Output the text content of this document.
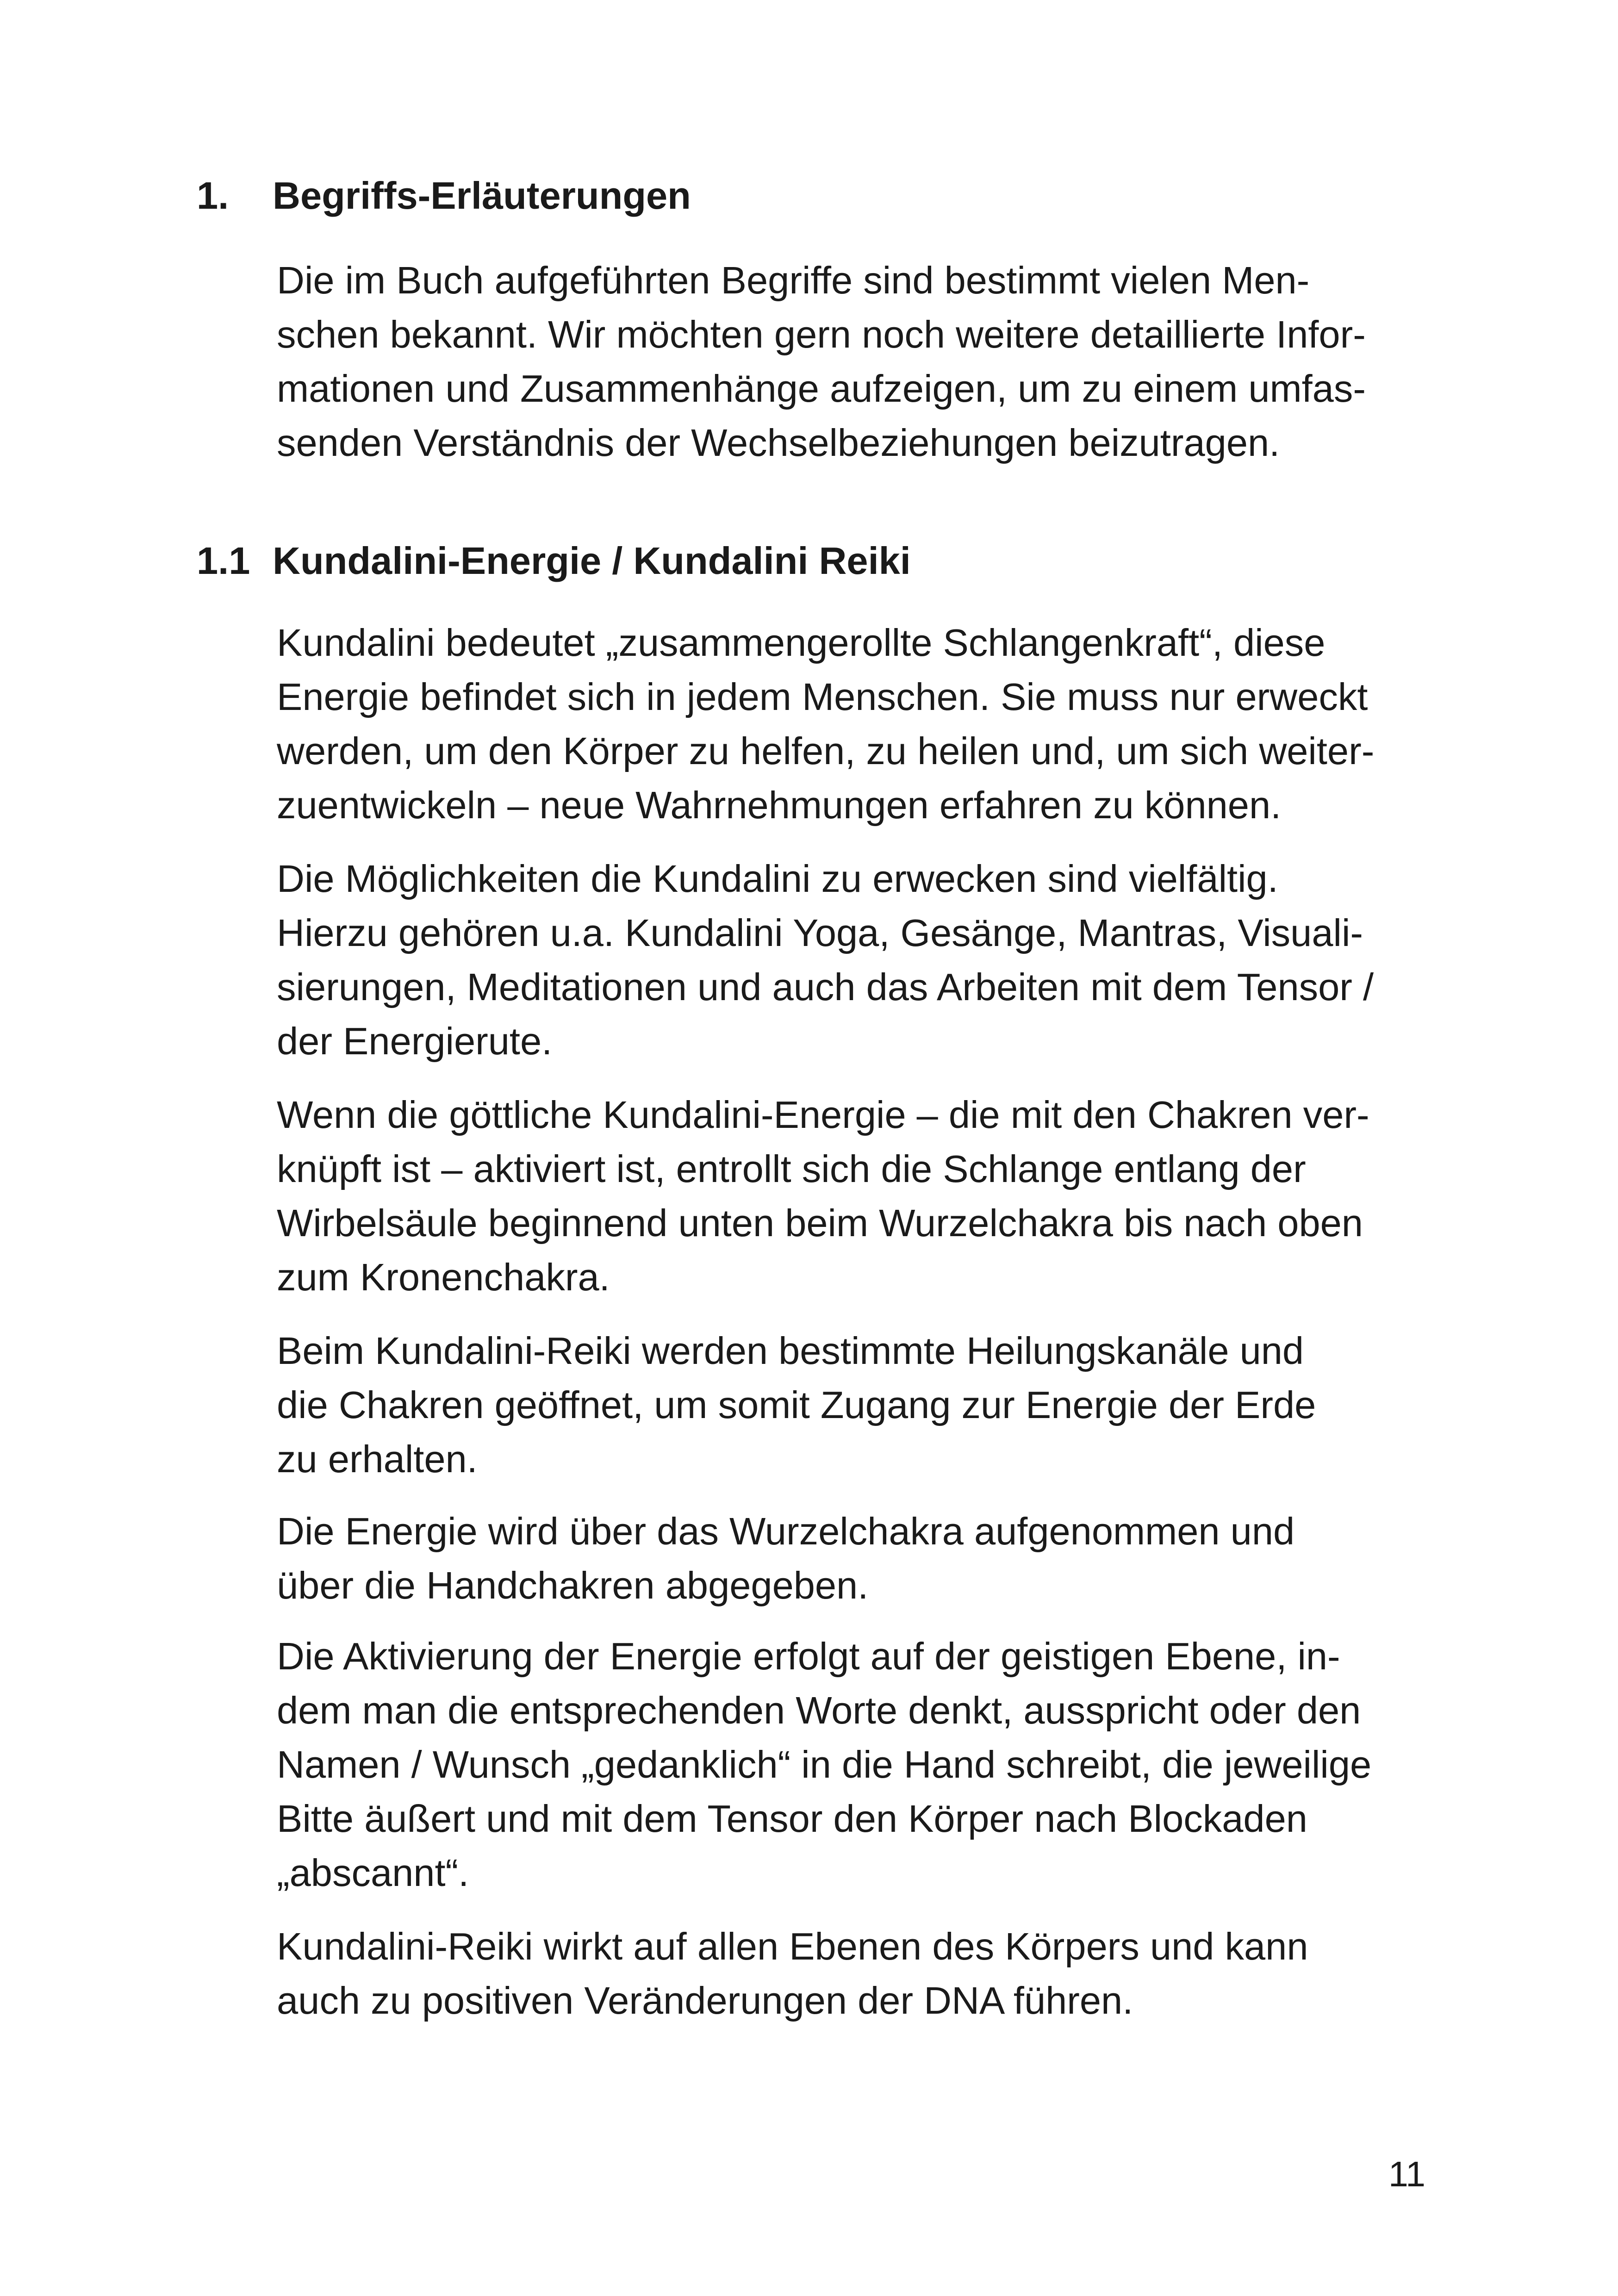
1. Begriffs-Erläuterungen

Die im Buch aufgeführten Begriffe sind bestimmt vielen Men-
schen bekannt. Wir möchten gern noch weitere detaillierte Infor-
mationen und Zusammenhänge aufzeigen, um zu einem umfas-
senden Verständnis der Wechselbeziehungen beizutragen.

1.1 Kundalini-Energie / Kundalini Reiki

Kundalini bedeutet „zusammengerollte Schlangenkraft“, diese
Energie befindet sich in jedem Menschen. Sie muss nur erweckt
werden, um den Körper zu helfen, zu heilen und, um sich weiter-
zuentwickeln – neue Wahrnehmungen erfahren zu können.

Die Möglichkeiten die Kundalini zu erwecken sind vielfältig.
Hierzu gehören u.a. Kundalini Yoga, Gesänge, Mantras, Visuali-
sierungen, Meditationen und auch das Arbeiten mit dem Tensor /
der Energierute.

Wenn die göttliche Kundalini-Energie – die mit den Chakren ver-
knüpft ist – aktiviert ist, entrollt sich die Schlange entlang der
Wirbelsäule beginnend unten beim Wurzelchakra bis nach oben
zum Kronenchakra.

Beim Kundalini-Reiki werden bestimmte Heilungskanäle und
die Chakren geöffnet, um somit Zugang zur Energie der Erde
zu erhalten.

Die Energie wird über das Wurzelchakra aufgenommen und
über die Handchakren abgegeben.

Die Aktivierung der Energie erfolgt auf der geistigen Ebene, in-
dem man die entsprechenden Worte denkt, ausspricht oder den
Namen / Wunsch „gedanklich“ in die Hand schreibt, die jeweilige
Bitte äußert und mit dem Tensor den Körper nach Blockaden
„abscannt“.

Kundalini-Reiki wirkt auf allen Ebenen des Körpers und kann
auch zu positiven Veränderungen der DNA führen.

11
